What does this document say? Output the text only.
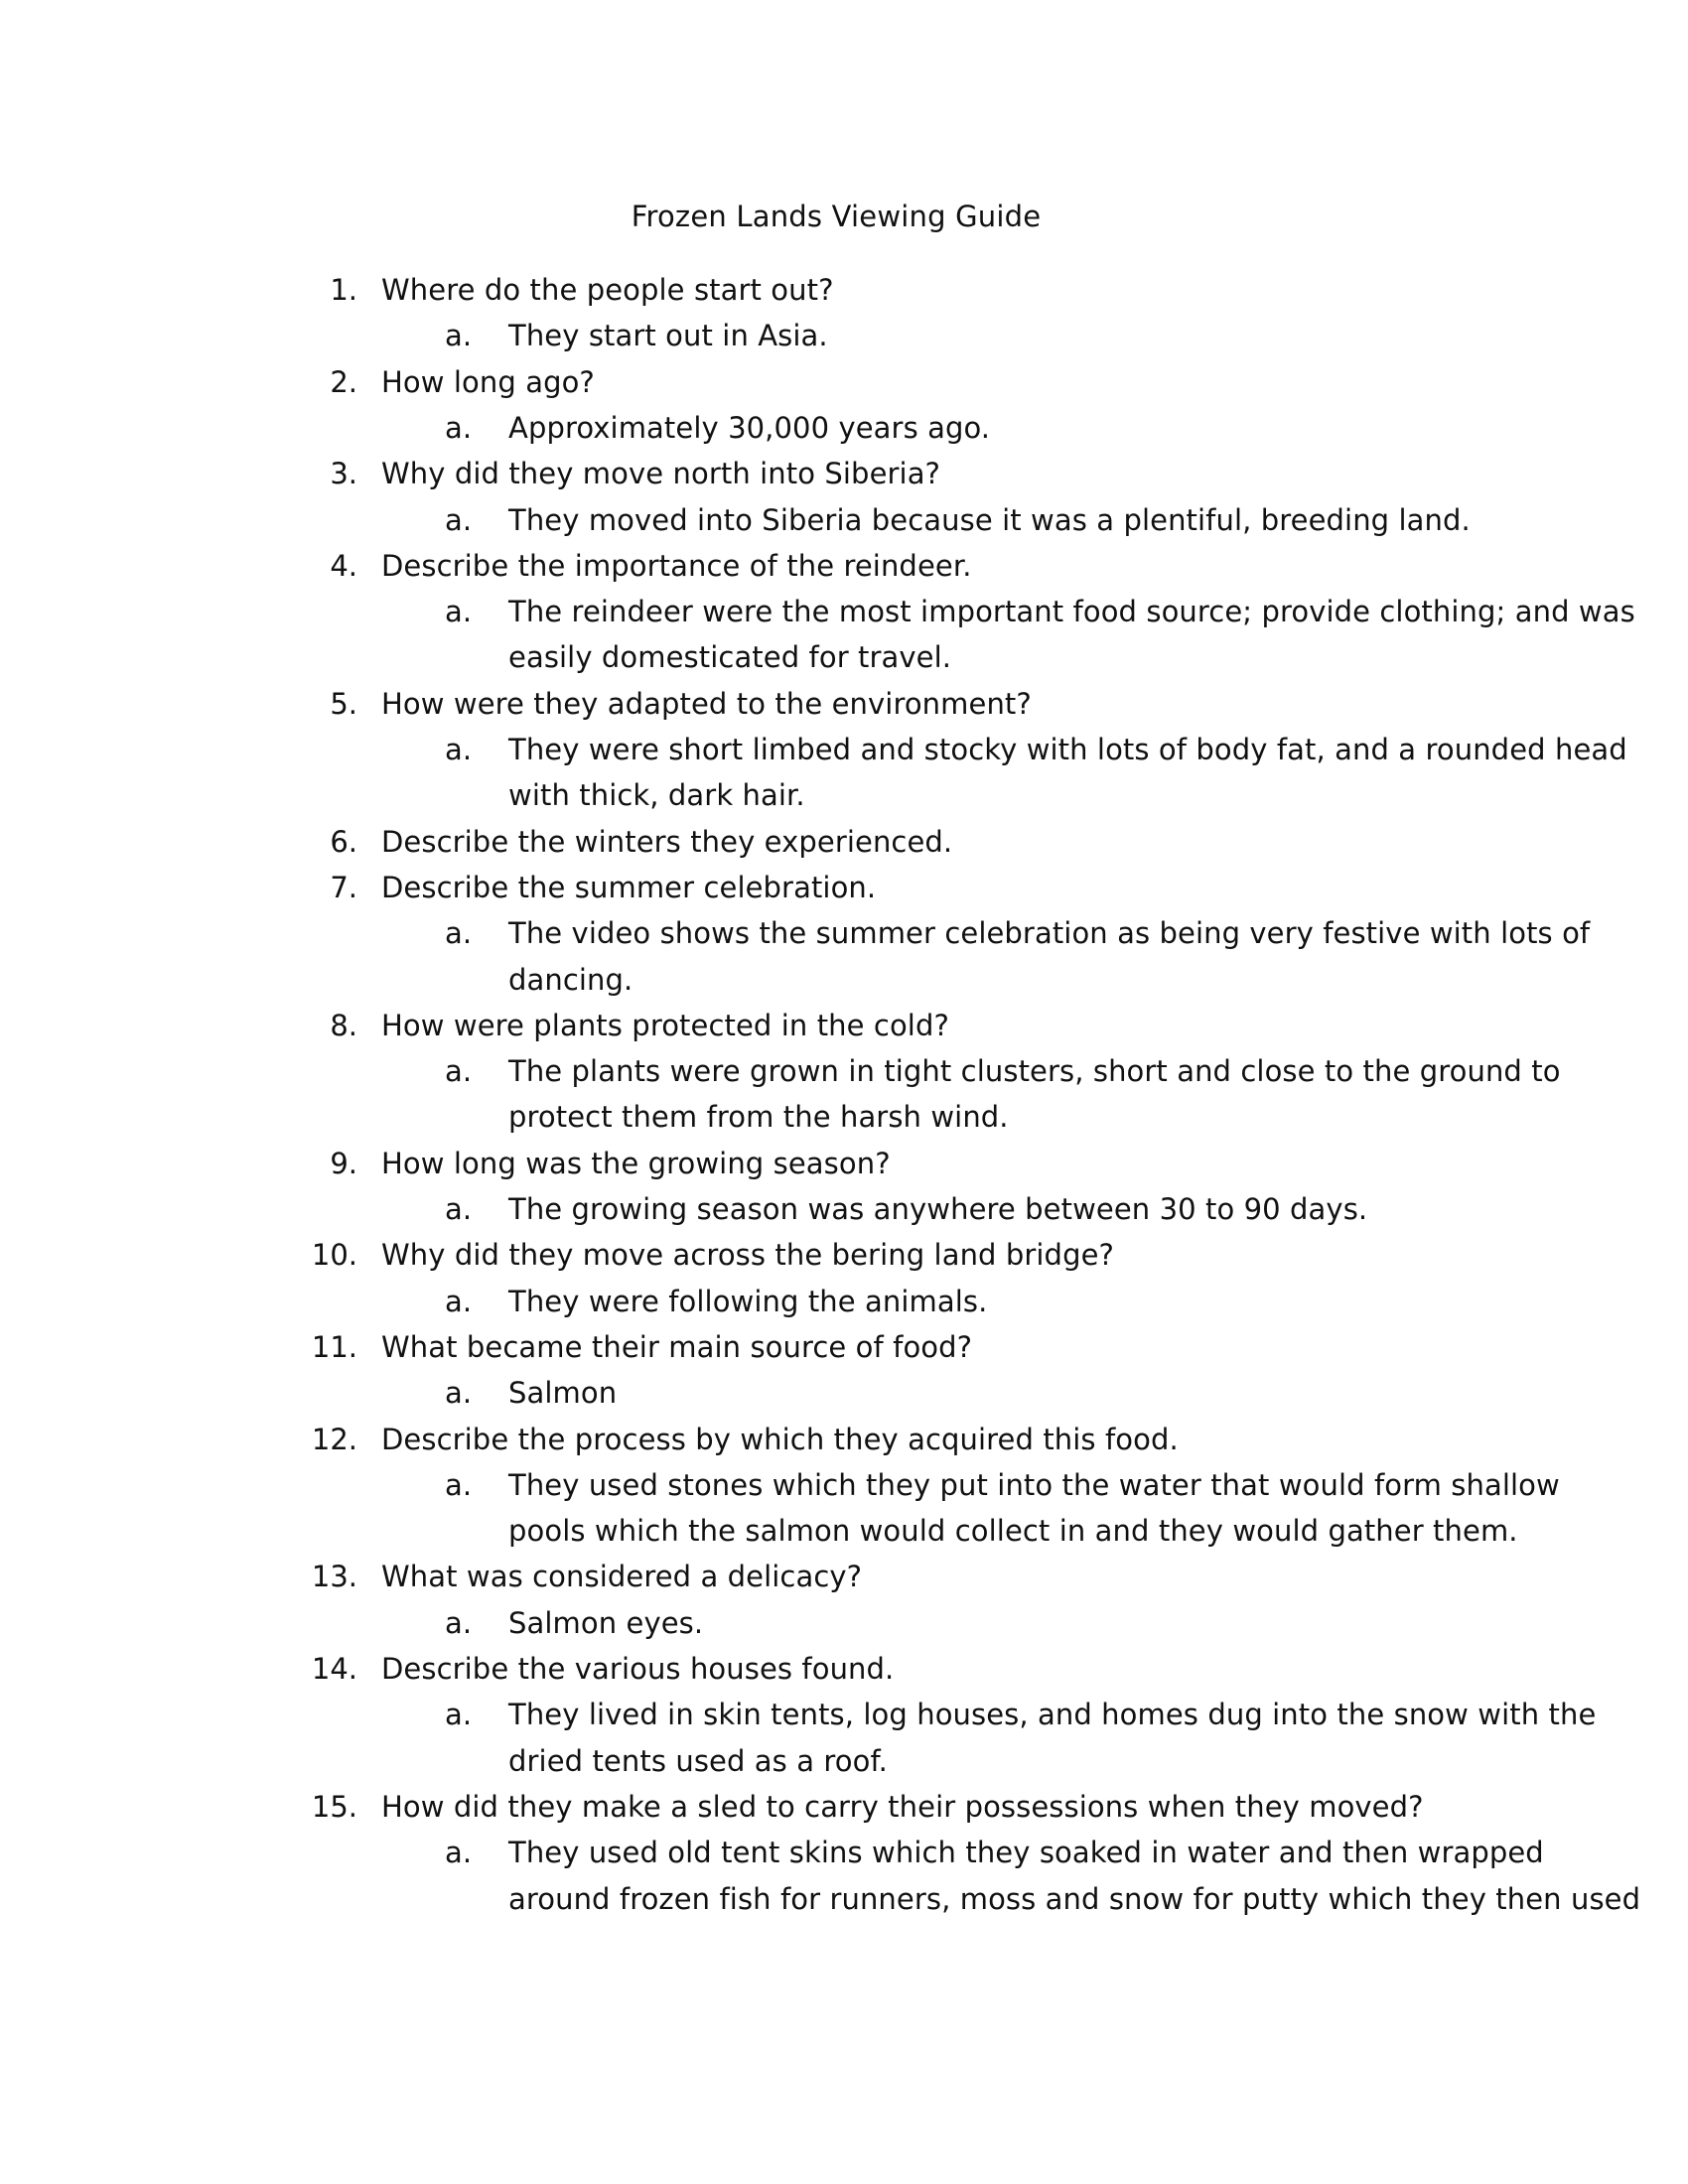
Frozen Lands Viewing Guide
1. Where do the people start out?
a. They start out in Asia.
2. How long ago?
a. Approximately 30,000 years ago.
3. Why did they move north into Siberia?
a. They moved into Siberia because it was a plentiful, breeding land.
4. Describe the importance of the reindeer.
a. The reindeer were the most important food source; provide clothing; and was
easily domesticated for travel.
5. How were they adapted to the environment?
a. They were short limbed and stocky with lots of body fat, and a rounded head
with thick, dark hair.
6. Describe the winters they experienced.
7. Describe the summer celebration.
a. The video shows the summer celebration as being very festive with lots of
dancing.
8. How were plants protected in the cold?
a. The plants were grown in tight clusters, short and close to the ground to
protect them from the harsh wind.
9. How long was the growing season?
a. The growing season was anywhere between 30 to 90 days.
10. Why did they move across the bering land bridge?
a. They were following the animals.
11. What became their main source of food?
a. Salmon
12. Describe the process by which they acquired this food.
a. They used stones which they put into the water that would form shallow
pools which the salmon would collect in and they would gather them.
13. What was considered a delicacy?
a. Salmon eyes.
14. Describe the various houses found.
a. They lived in skin tents, log houses, and homes dug into the snow with the
dried tents used as a roof.
15. How did they make a sled to carry their possessions when they moved?
a. They used old tent skins which they soaked in water and then wrapped
around frozen fish for runners, moss and snow for putty which they then used
